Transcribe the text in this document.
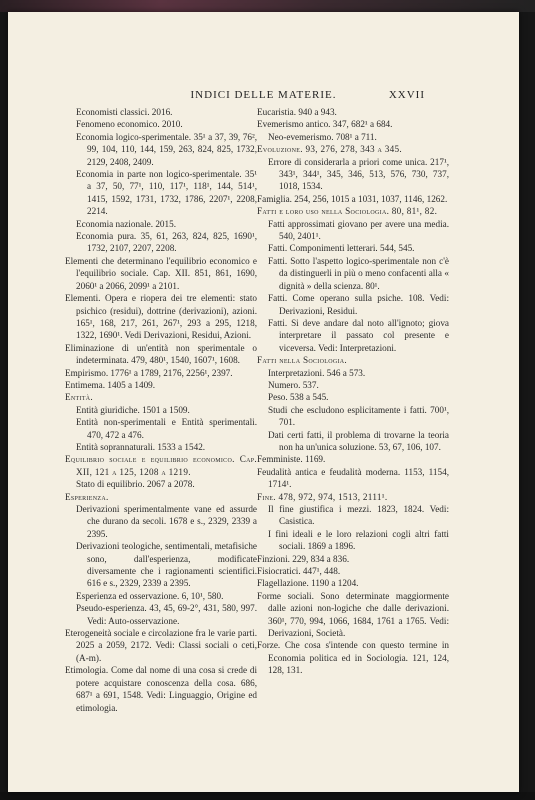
INDICI DELLE MATERIE.	XXVII
Economisti classici. 2016.
Fenomeno economico. 2010.
Economia logico-sperimentale. 35¹ a 37, 39, 76², 99, 104, 110, 144, 159, 263, 824, 825, 1732, 2129, 2408, 2409.
Economia in parte non logico-sperimentale. 35¹ a 37, 50, 77¹, 110, 117¹, 118¹, 144, 514¹, 1415, 1592, 1731, 1732, 1786, 2207¹, 2208, 2214.
Economia nazionale. 2015.
Economia pura. 35, 61, 263, 824, 825, 1690¹, 1732, 2107, 2207, 2208.
Elementi che determinano l'equilibrio economico e l'equilibrio sociale. Cap. XII. 851, 861, 1690, 2060¹ a 2066, 2099¹ a 2101.
Elementi. Opera e riopera dei tre elementi: stato psichico (residui), dottrine (derivazioni), azioni. 165¹, 168, 217, 261, 267¹, 293 a 295, 1218, 1322, 1690¹. Vedi Derivazioni, Residui, Azioni.
Eliminazione di un'entità non sperimentale o indeterminata. 479, 480¹, 1540, 1607¹, 1608.
Empirismo. 1776¹ a 1789, 2176, 2256¹, 2397.
Entimema. 1405 a 1409.
Entità.
Entità giuridiche. 1501 a 1509.
Entità non-sperimentali e Entità sperimentali. 470, 472 a 476.
Entità soprannaturali. 1533 a 1542.
Equilibrio sociale e equilibrio economico. Cap. XII, 121 a 125, 1208 a 1219.
Stato di equilibrio. 2067 a 2078.
Esperienza.
Derivazioni sperimentalmente vane ed assurde che durano da secoli. 1678 e s., 2329, 2339 a 2395.
Derivazioni teologiche, sentimentali, metafisiche sono, dall'esperienza, modificate diversamente che i ragionamenti scientifici. 616 e s., 2329, 2339 a 2395.
Esperienza ed osservazione. 6, 10¹, 580.
Pseudo-esperienza. 43, 45, 69-2°, 431, 580, 997. Vedi: Auto-osservazione.
Eterogeneità sociale e circolazione fra le varie parti. 2025 a 2059, 2172. Vedi: Classi sociali o ceti, (A-m).
Etimologia. Come dal nome di una cosa si crede di potere acquistare conoscenza della cosa. 686, 687¹ a 691, 1548. Vedi: Linguaggio, Origine ed etimologia.
Eucaristia. 940 a 943.
Evemerismo antico. 347, 682¹ a 684.
Neo-evemerismo. 708¹ a 711.
Evoluzione. 93, 276, 278, 343 a 345.
Errore di considerarla a priori come unica. 217¹, 343¹, 344¹, 345, 346, 513, 576, 730, 737, 1018, 1534.
Famiglia. 254, 256, 1015 a 1031, 1037, 1146, 1262.
Fatti e loro uso nella Sociologia. 80, 81¹, 82.
Fatti approssimati giovano per avere una media. 540, 2401¹.
Fatti. Componimenti letterari. 544, 545.
Fatti. Sotto l'aspetto logico-sperimentale non c'è da distinguerli in più o meno confacenti alla « dignità » della scienza. 80¹.
Fatti. Come operano sulla psiche. 108. Vedi: Derivazioni, Residui.
Fatti. Si deve andare dal noto all'ignoto; giova interpretare il passato col presente e viceversa. Vedi: Interpretazioni.
Fatti nella Sociologia.
Interpretazioni. 546 a 573.
Numero. 537.
Peso. 538 a 545.
Studi che escludono esplicitamente i fatti. 700¹, 701.
Dati certi fatti, il problema di trovarne la teoria non ha un'unica soluzione. 53, 67, 106, 107.
Femministe. 1169.
Feudalità antica e feudalità moderna. 1153, 1154, 1714¹.
Fine. 478, 972, 974, 1513, 2111¹.
Il fine giustifica i mezzi. 1823, 1824. Vedi: Casistica.
I fini ideali e le loro relazioni cogli altri fatti sociali. 1869 a 1896.
Finzioni. 229, 834 a 836.
Fisiocratici. 447¹, 448.
Flagellazione. 1190 a 1204.
Forme sociali. Sono determinate maggiormente dalle azioni non-logiche che dalle derivazioni. 360¹, 770, 994, 1066, 1684, 1761 a 1765. Vedi: Derivazioni, Società.
Forze. Che cosa s'intende con questo termine in Economia politica ed in Sociologia. 121, 124, 128, 131.
